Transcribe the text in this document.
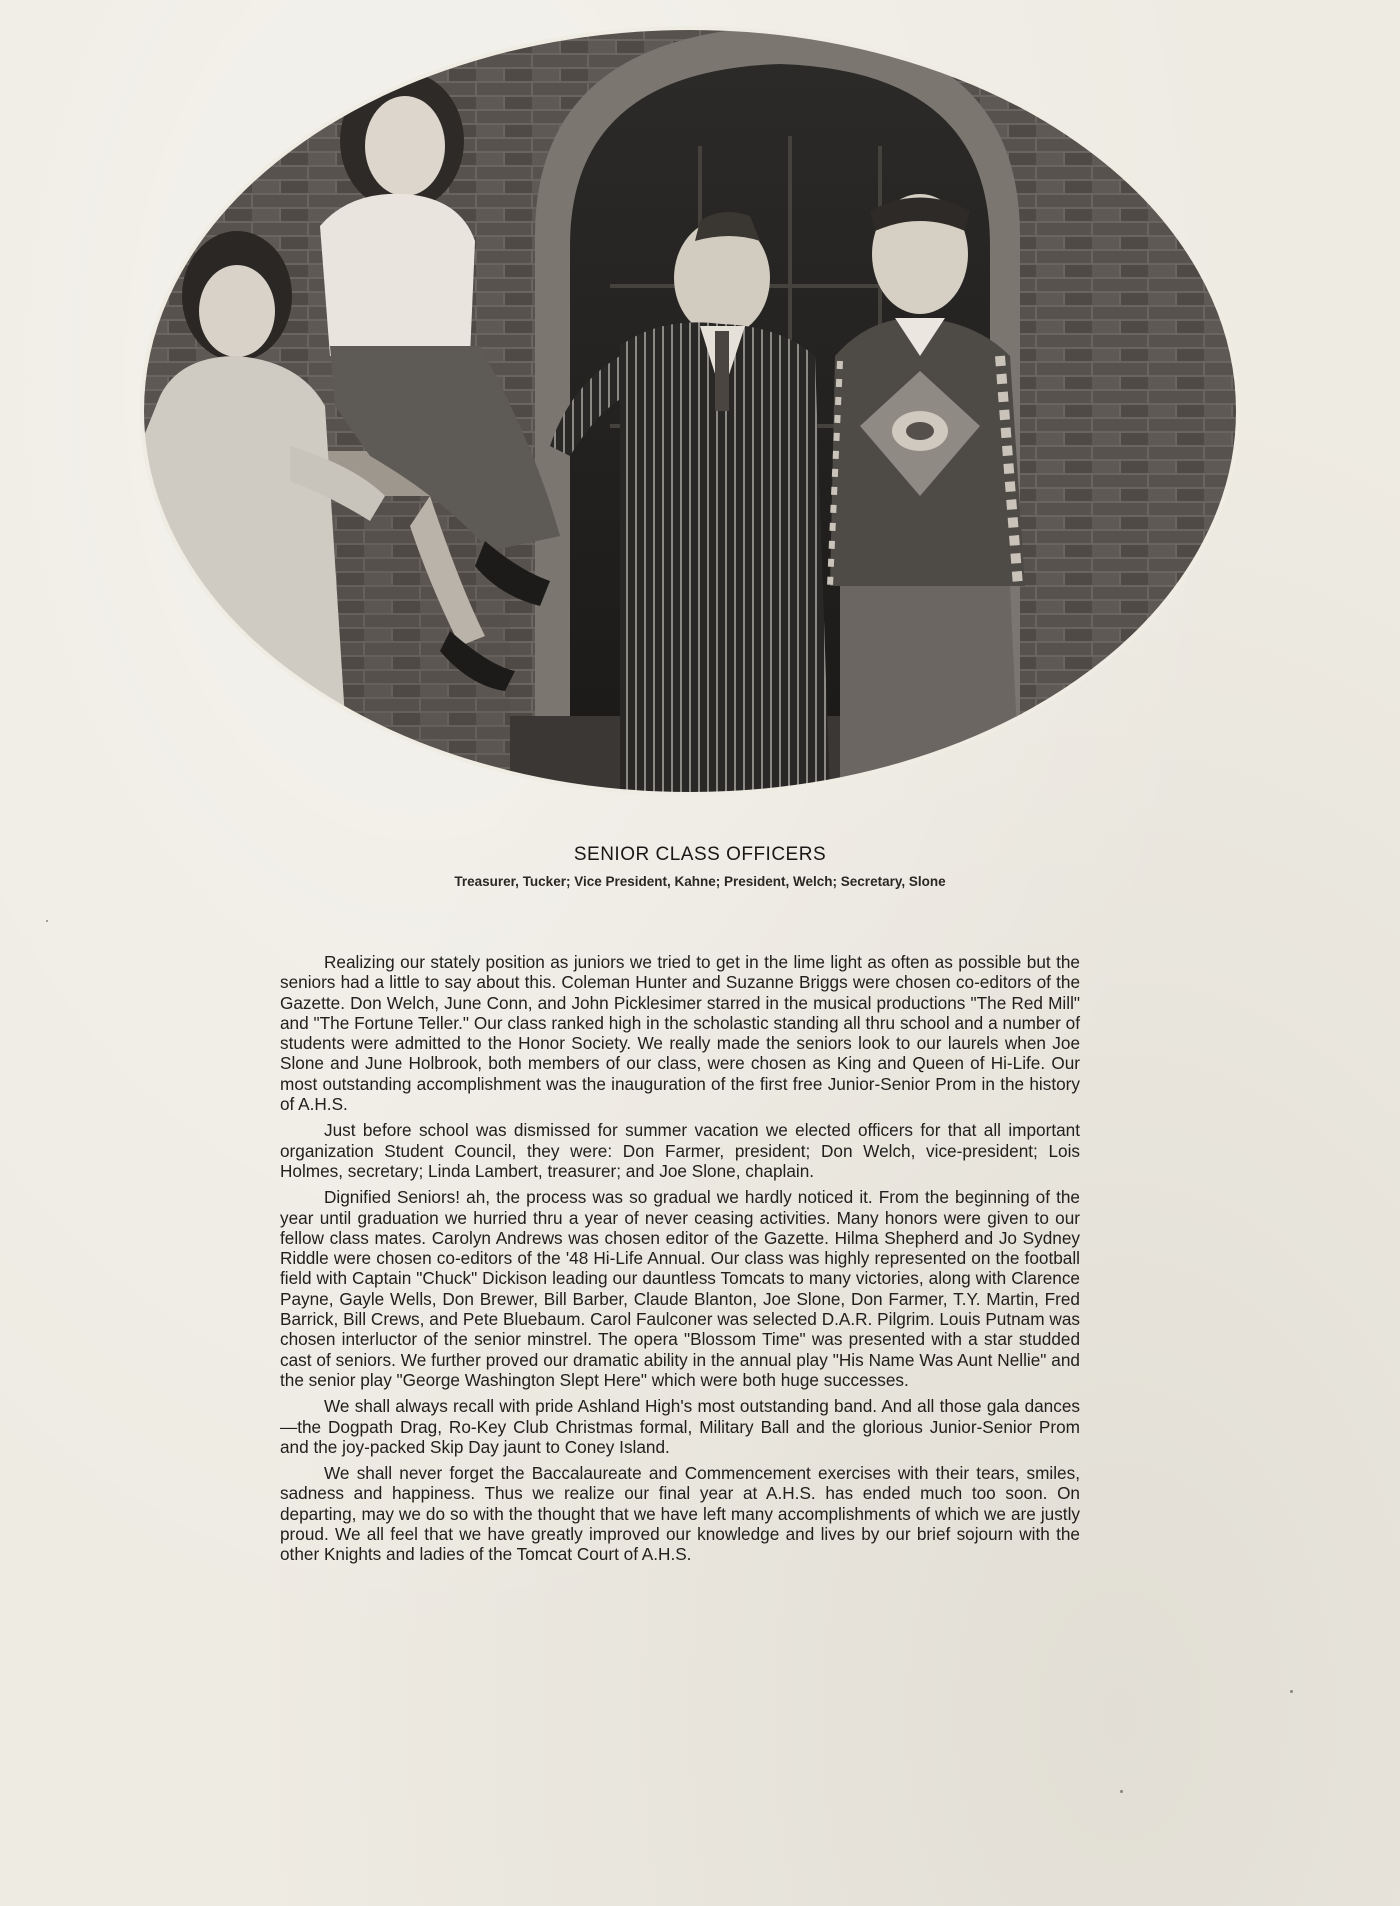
SENIOR CLASS OFFICERS
Treasurer, Tucker; Vice President, Kahne; President, Welch; Secretary, Slone

Realizing our stately position as juniors we tried to get in the lime light as often as possible but the seniors had a little to say about this. Coleman Hunter and Suzanne Briggs were chosen co-editors of the Gazette. Don Welch, June Conn, and John Picklesimer starred in the musical productions "The Red Mill" and "The Fortune Teller." Our class ranked high in the scholastic standing all thru school and a number of students were admitted to the Honor Society. We really made the seniors look to our laurels when Joe Slone and June Holbrook, both members of our class, were chosen as King and Queen of Hi-Life. Our most outstanding accomplishment was the inauguration of the first free Junior-Senior Prom in the history of A.H.S.

Just before school was dismissed for summer vacation we elected officers for that all important organization Student Council, they were: Don Farmer, president; Don Welch, vice-president; Lois Holmes, secretary; Linda Lambert, treasurer; and Joe Slone, chaplain.

Dignified Seniors! ah, the process was so gradual we hardly noticed it. From the beginning of the year until graduation we hurried thru a year of never ceasing activities. Many honors were given to our fellow class mates. Carolyn Andrews was chosen editor of the Gazette. Hilma Shepherd and Jo Sydney Riddle were chosen co-editors of the '48 Hi-Life Annual. Our class was highly represented on the football field with Captain "Chuck" Dickison leading our dauntless Tomcats to many victories, along with Clarence Payne, Gayle Wells, Don Brewer, Bill Barber, Claude Blanton, Joe Slone, Don Farmer, T.Y. Martin, Fred Barrick, Bill Crews, and Pete Bluebaum. Carol Faulconer was selected D.A.R. Pilgrim. Louis Putnam was chosen interluctor of the senior minstrel. The opera "Blossom Time" was presented with a star studded cast of seniors. We further proved our dramatic ability in the annual play "His Name Was Aunt Nellie" and the senior play "George Washington Slept Here" which were both huge successes.

We shall always recall with pride Ashland High's most outstanding band. And all those gala dances—the Dogpath Drag, Ro-Key Club Christmas formal, Military Ball and the glorious Junior-Senior Prom and the joy-packed Skip Day jaunt to Coney Island.

We shall never forget the Baccalaureate and Commencement exercises with their tears, smiles, sadness and happiness. Thus we realize our final year at A.H.S. has ended much too soon. On departing, may we do so with the thought that we have left many accomplishments of which we are justly proud. We all feel that we have greatly improved our knowledge and lives by our brief sojourn with the other Knights and ladies of the Tomcat Court of A.H.S.
